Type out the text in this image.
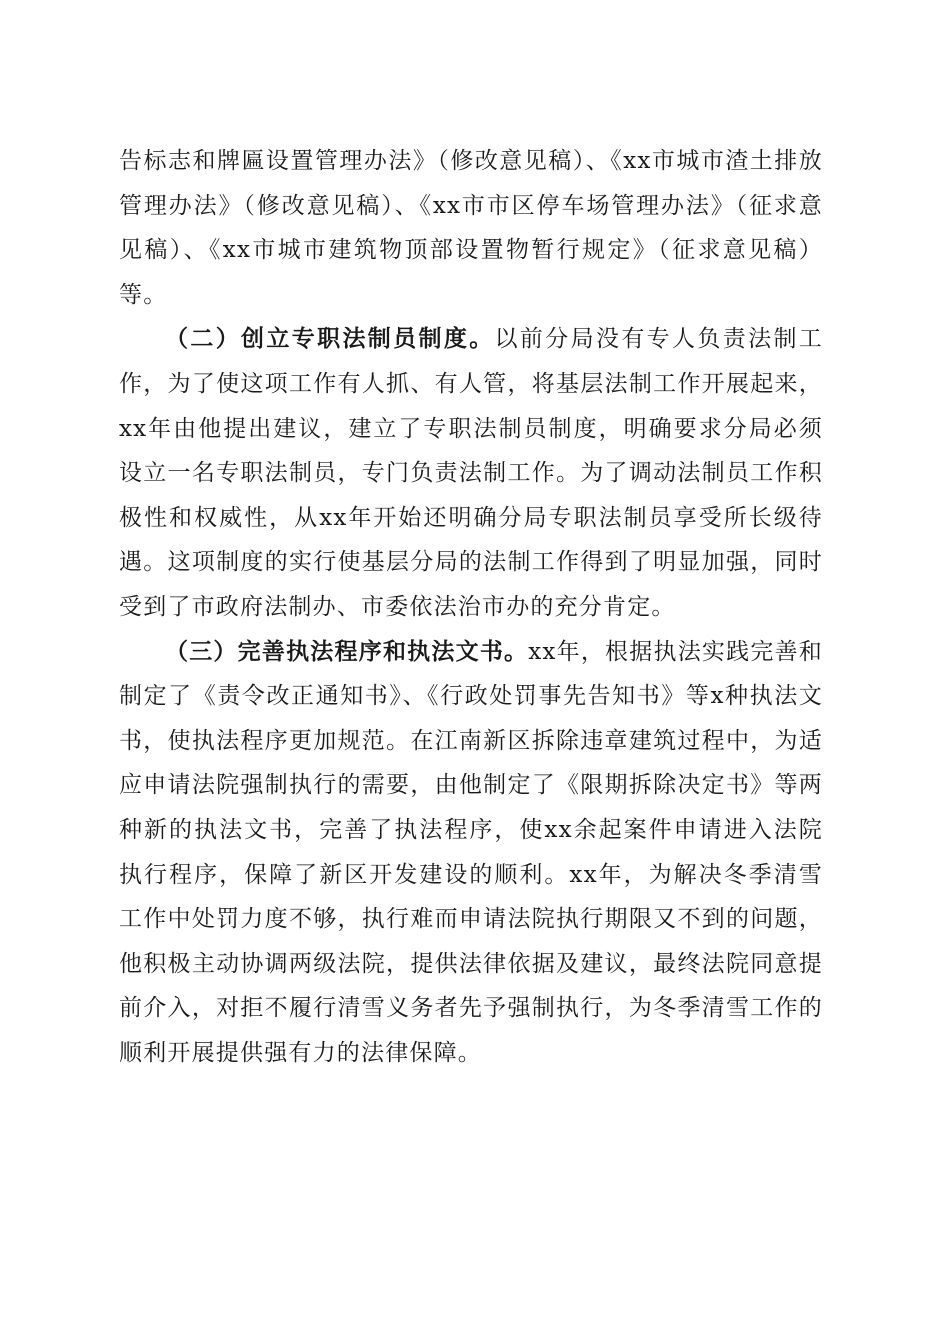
告标志和牌匾设置管理办法》（修改意见稿）、《xx市城市渣土排放管理办法》（修改意见稿）、《xx市市区停车场管理办法》（征求意见稿）、《xx市城市建筑物顶部设置物暂行规定》（征求意见稿）等。

（二）创立专职法制员制度。以前分局没有专人负责法制工作，为了使这项工作有人抓、有人管，将基层法制工作开展起来，xx年由他提出建议，建立了专职法制员制度，明确要求分局必须设立一名专职法制员，专门负责法制工作。为了调动法制员工作积极性和权威性，从xx年开始还明确分局专职法制员享受所长级待遇。这项制度的实行使基层分局的法制工作得到了明显加强，同时受到了市政府法制办、市委依法治市办的充分肯定。

（三）完善执法程序和执法文书。xx年，根据执法实践完善和制定了《责令改正通知书》、《行政处罚事先告知书》等x种执法文书，使执法程序更加规范。在江南新区拆除违章建筑过程中，为适应申请法院强制执行的需要，由他制定了《限期拆除决定书》等两种新的执法文书，完善了执法程序，使xx余起案件申请进入法院执行程序，保障了新区开发建设的顺利。xx年，为解决冬季清雪工作中处罚力度不够，执行难而申请法院执行期限又不到的问题，他积极主动协调两级法院，提供法律依据及建议，最终法院同意提前介入，对拒不履行清雪义务者先予强制执行，为冬季清雪工作的顺利开展提供强有力的法律保障。
